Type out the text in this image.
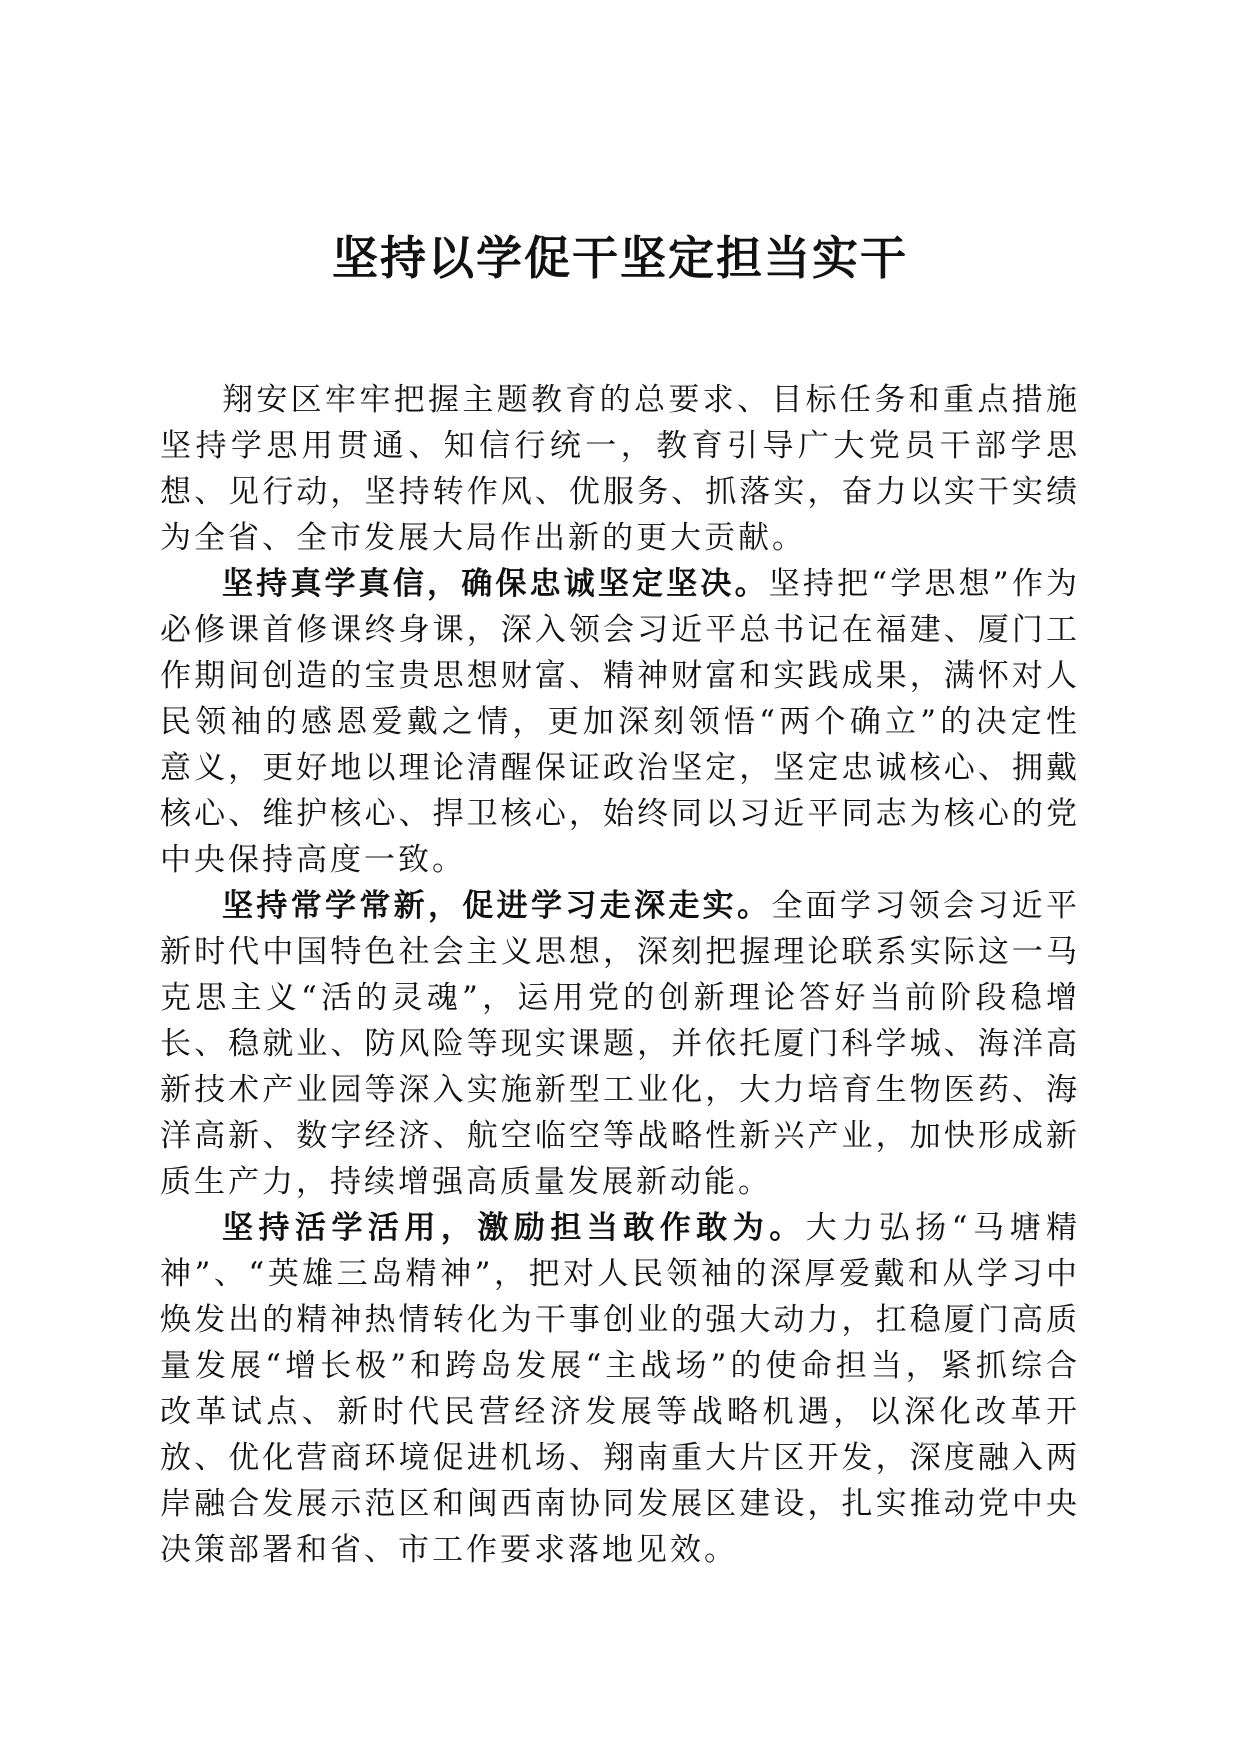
坚持以学促干坚定担当实干

翔安区牢牢把握主题教育的总要求、目标任务和重点措施坚持学思用贯通、知信行统一，教育引导广大党员干部学思想、见行动，坚持转作风、优服务、抓落实，奋力以实干实绩为全省、全市发展大局作出新的更大贡献。

坚持真学真信，确保忠诚坚定坚决。坚持把“学思想”作为必修课首修课终身课，深入领会习近平总书记在福建、厦门工作期间创造的宝贵思想财富、精神财富和实践成果，满怀对人民领袖的感恩爱戴之情，更加深刻领悟“两个确立”的决定性意义，更好地以理论清醒保证政治坚定，坚定忠诚核心、拥戴核心、维护核心、捍卫核心，始终同以习近平同志为核心的党中央保持高度一致。

坚持常学常新，促进学习走深走实。全面学习领会习近平新时代中国特色社会主义思想，深刻把握理论联系实际这一马克思主义“活的灵魂”，运用党的创新理论答好当前阶段稳增长、稳就业、防风险等现实课题，并依托厦门科学城、海洋高新技术产业园等深入实施新型工业化，大力培育生物医药、海洋高新、数字经济、航空临空等战略性新兴产业，加快形成新质生产力，持续增强高质量发展新动能。

坚持活学活用，激励担当敢作敢为。大力弘扬“马塘精神”、“英雄三岛精神”，把对人民领袖的深厚爱戴和从学习中焕发出的精神热情转化为干事创业的强大动力，扛稳厦门高质量发展“增长极”和跨岛发展“主战场”的使命担当，紧抓综合改革试点、新时代民营经济发展等战略机遇，以深化改革开放、优化营商环境促进机场、翔南重大片区开发，深度融入两岸融合发展示范区和闽西南协同发展区建设，扎实推动党中央决策部署和省、市工作要求落地见效。
